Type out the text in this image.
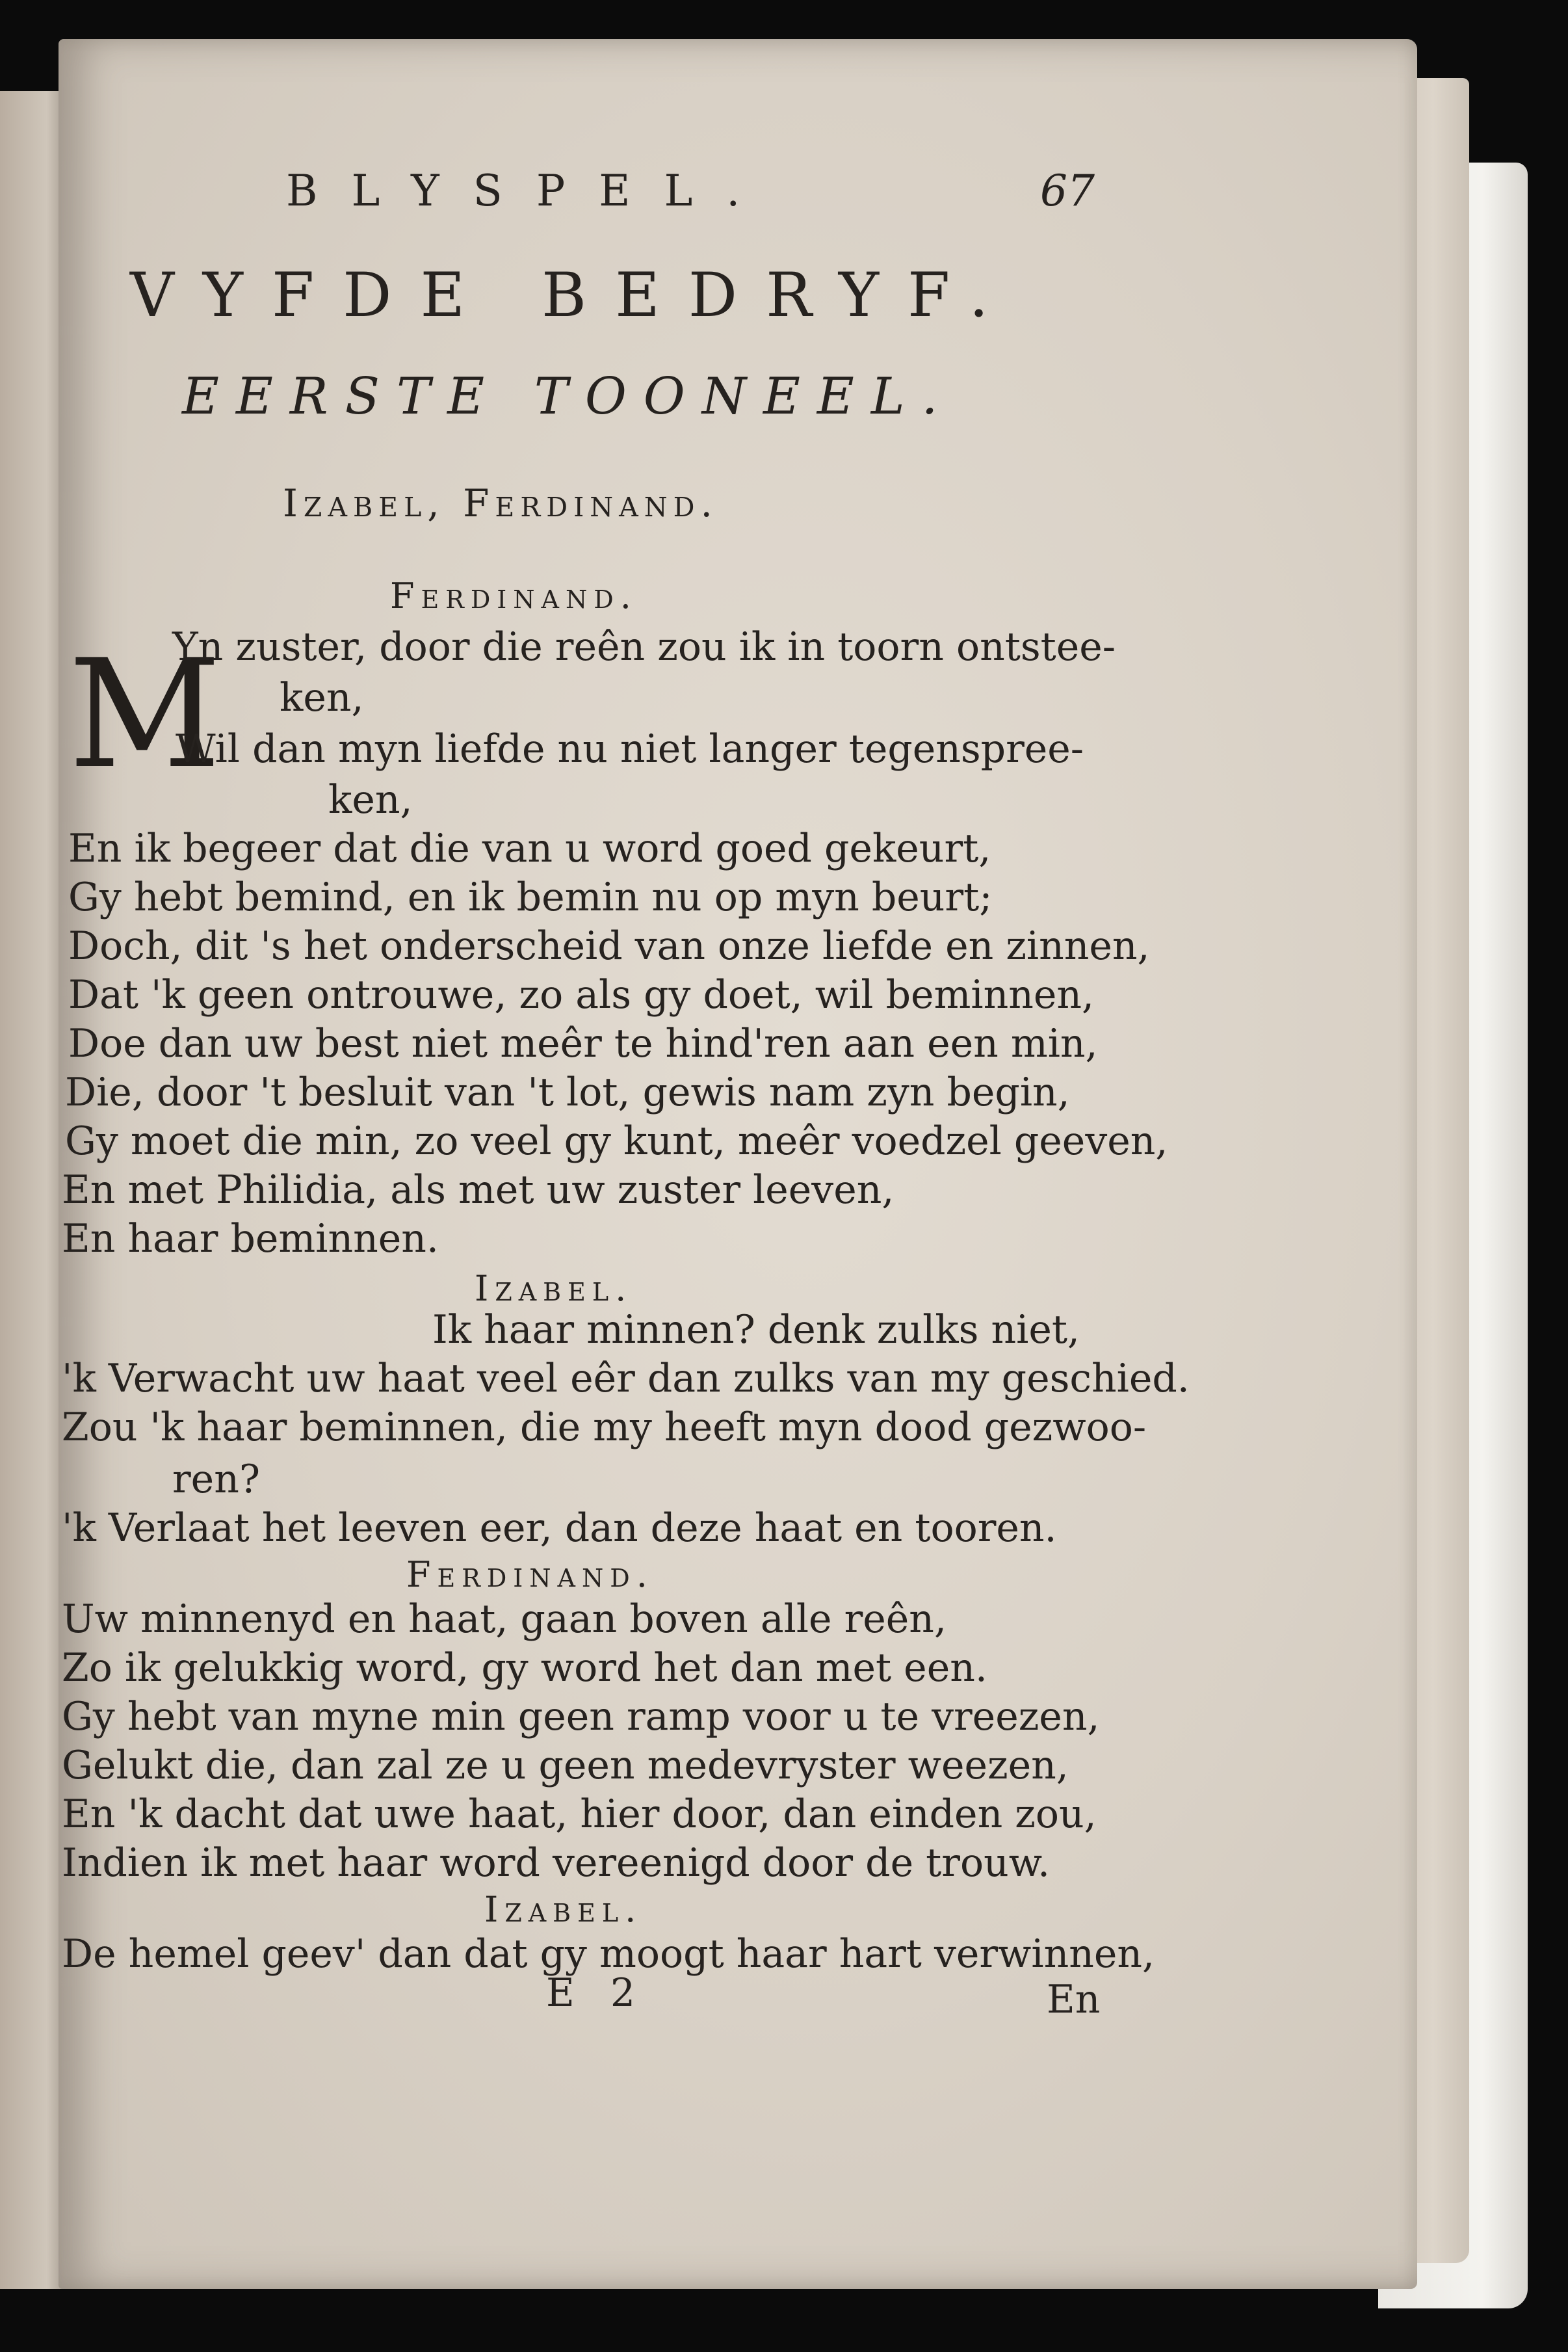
BLYSPEL.	67
VYFDE BEDRYF.
EERSTE TOONEEL.
Izabel, Ferdinand.
Ferdinand.
M
Yn zuster, door die reên zou ik in toorn ontsteе-
ken,
Wil dan myn liefde nu niet langer tegenspree-
ken,
En ik begeer dat die van u word goed gekeurt,
Gy hebt bemind, en ik bemin nu op myn beurt;
Doch, dit 's het onderscheid van onze liefde en zinnen,
Dat 'k geen ontrouwe, zo als gy doet, wil beminnen,
Doe dan uw best niet meêr te hind'ren aan een min,
Die, door 't besluit van 't lot, gewis nam zyn begin,
Gy moet die min, zo veel gy kunt, meêr voedzel geeven,
En met Philidia, als met uw zuster leeven,
En haar beminnen.
Izabel.
Ik haar minnen? denk zulks niet,
'k Verwacht uw haat veel eêr dan zulks van my geschied.
Zou 'k haar beminnen, die my heeft myn dood gezwoo-
ren?
'k Verlaat het leeven eer, dan deze haat en tooren.
Ferdinand.
Uw minnenyd en haat, gaan boven alle reên,
Zo ik gelukkig word, gy word het dan met een.
Gy hebt van myne min geen ramp voor u te vreezen,
Gelukt die, dan zal ze u geen medevryster weezen,
En 'k dacht dat uwe haat, hier door, dan einden zou,
Indien ik met haar word vereenigd door de trouw.
Izabel.
De hemel geev' dan dat gy moogt haar hart verwinnen,
E 2	En
